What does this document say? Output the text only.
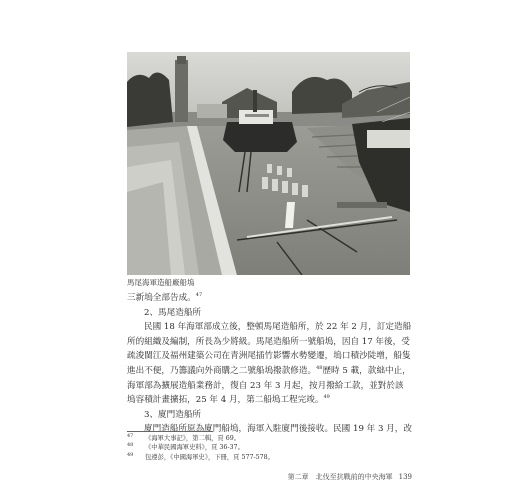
馬尾海軍造船廠船塢

三新塢全部告成。$^{47}$

2、馬尾造船所

民國 18 年海軍部成立後，整頓馬尾造船所，於 22 年 2 月，訂定造船所的組織及編制，所長為少將級。馬尾造船所一號船塢，因自 17 年後，受疏浚閩江及福州建築公司在青洲尾插竹影響水勢變遷，塢口積沙陡增，船隻進出不便，乃籌議向外商購之二號船塢撥款修造。$^{48}$歷時 5 載，款絀中止，海軍部為擴展造船業務計，復自 23 年 3 月起，按月撥給工款，並對於該塢容積計畫擴拓，25 年 4 月，第二船塢工程完竣。$^{49}$

3、廈門造船所

廈門造船所原為廈門船塢，海軍入駐廈門後接收。民國 19 年 3 月，改

$^{47}$ 《海軍大事記》，第二輯，頁 69。
$^{48}$ 《中華民國海軍史料》，頁 36-37。
$^{49}$ 包遵彭，《中國海軍史》，下冊，頁 577-578。
第二章　北伐至抗戰前的中央海軍 139
